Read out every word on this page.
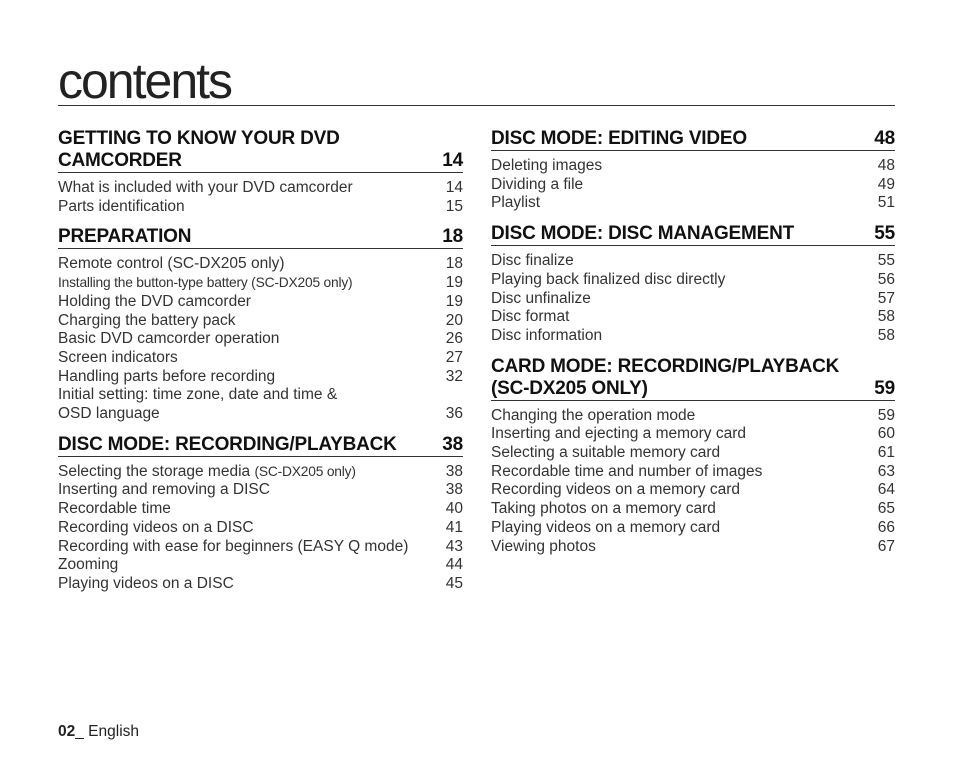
contents
GETTING TO KNOW YOUR DVD
CAMCORDER	14
What is included with your DVD camcorder	14
Parts identification	15
PREPARATION	18
Remote control (SC-DX205 only)	18
Installing the button-type battery (SC-DX205 only)	19
Holding the DVD camcorder	19
Charging the battery pack	20
Basic DVD camcorder operation	26
Screen indicators	27
Handling parts before recording	32
Initial setting: time zone, date and time &
OSD language	36
DISC MODE: RECORDING/PLAYBACK 38
Selecting the storage media (SC-DX205 only)	38
Inserting and removing a DISC	38
Recordable time	40
Recording videos on a DISC	41
Recording with ease for beginners (EASY Q mode) 43
Zooming	44
Playing videos on a DISC	45
DISC MODE: EDITING VIDEO	48
Deleting images	48
Dividing a file	49
Playlist	51
DISC MODE: DISC MANAGEMENT	55
Disc finalize	55
Playing back finalized disc directly	56
Disc unfinalize	57
Disc format	58
Disc information	58
CARD MODE: RECORDING/PLAYBACK
(SC-DX205 ONLY)	59
Changing the operation mode	59
Inserting and ejecting a memory card	60
Selecting a suitable memory card	61
Recordable time and number of images	63
Recording videos on a memory card	64
Taking photos on a memory card	65
Playing videos on a memory card	66
Viewing photos	67
02_ English
